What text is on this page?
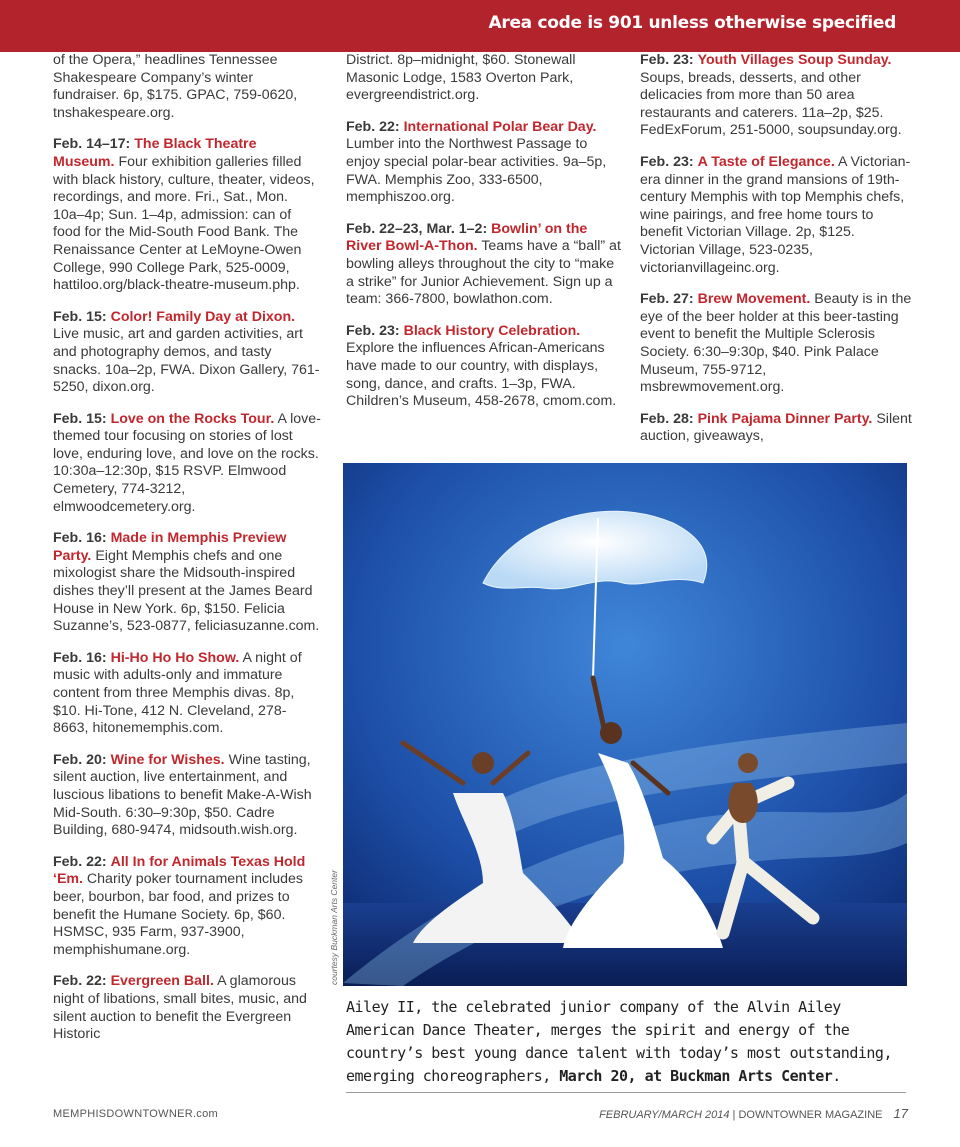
Area code is 901 unless otherwise specified
of the Opera,” headlines Tennessee Shakespeare Company’s winter fundraiser. 6p, $175. GPAC, 759-0620, tnshakespeare.org.
Feb. 14–17: The Black Theatre Museum. Four exhibition galleries filled with black history, culture, theater, videos, recordings, and more. Fri., Sat., Mon. 10a–4p; Sun. 1–4p, admission: can of food for the Mid-South Food Bank. The Renaissance Center at LeMoyne-Owen College, 990 College Park, 525-0009, hattiloo.org/black-theatre-museum.php.
Feb. 15: Color! Family Day at Dixon. Live music, art and garden activities, art and photography demos, and tasty snacks. 10a–2p, FWA. Dixon Gallery, 761-5250, dixon.org.
Feb. 15: Love on the Rocks Tour. A love-themed tour focusing on stories of lost love, enduring love, and love on the rocks. 10:30a–12:30p, $15 RSVP. Elmwood Cemetery, 774-3212, elmwoodcemetery.org.
Feb. 16: Made in Memphis Preview Party. Eight Memphis chefs and one mixologist share the Midsouth-inspired dishes they’ll present at the James Beard House in New York. 6p, $150. Felicia Suzanne’s, 523-0877, feliciasuzanne.com.
Feb. 16: Hi-Ho Ho Ho Show. A night of music with adults-only and immature content from three Memphis divas. 8p, $10. Hi-Tone, 412 N. Cleveland, 278-8663, hitonememphis.com.
Feb. 20: Wine for Wishes. Wine tasting, silent auction, live entertainment, and luscious libations to benefit Make-A-Wish Mid-South. 6:30–9:30p, $50. Cadre Building, 680-9474, midsouth.wish.org.
Feb. 22: All In for Animals Texas Hold ‘Em. Charity poker tournament includes beer, bourbon, bar food, and prizes to benefit the Humane Society. 6p, $60. HSMSC, 935 Farm, 937-3900, memphishumane.org.
Feb. 22: Evergreen Ball. A glamorous night of libations, small bites, music, and silent auction to benefit the Evergreen Historic
District. 8p–midnight, $60. Stonewall Masonic Lodge, 1583 Overton Park, evergreendistrict.org.
Feb. 22: International Polar Bear Day. Lumber into the Northwest Passage to enjoy special polar-bear activities. 9a–5p, FWA. Memphis Zoo, 333-6500, memphiszoo.org.
Feb. 22–23, Mar. 1–2: Bowlin’ on the River Bowl-A-Thon. Teams have a “ball” at bowling alleys throughout the city to “make a strike” for Junior Achievement. Sign up a team: 366-7800, bowlathon.com.
Feb. 23: Black History Celebration. Explore the influences African-Americans have made to our country, with displays, song, dance, and crafts. 1–3p, FWA. Children’s Museum, 458-2678, cmom.com.
Feb. 23: Youth Villages Soup Sunday. Soups, breads, desserts, and other delicacies from more than 50 area restaurants and caterers. 11a–2p, $25. FedExForum, 251-5000, soupsunday.org.
Feb. 23: A Taste of Elegance. A Victorian-era dinner in the grand mansions of 19th-century Memphis with top Memphis chefs, wine pairings, and free home tours to benefit Victorian Village. 2p, $125. Victorian Village, 523-0235, victorianvillageinc.org.
Feb. 27: Brew Movement. Beauty is in the eye of the beer holder at this beer-tasting event to benefit the Multiple Sclerosis Society. 6:30–9:30p, $40. Pink Palace Museum, 755-9712, msbrewmovement.org.
Feb. 28: Pink Pajama Dinner Party. Silent auction, giveaways,
courtesy Buckman Arts Center
Ailey II, the celebrated junior company of the Alvin Ailey American Dance Theater, merges the spirit and energy of the country’s best young dance talent with today’s most outstanding, emerging choreographers, March 20, at Buckman Arts Center.
MEMPHISDOWNTOWNER.com	FEBRUARY/MARCH 2014 | DOWNTOWNER MAGAZINE 17
